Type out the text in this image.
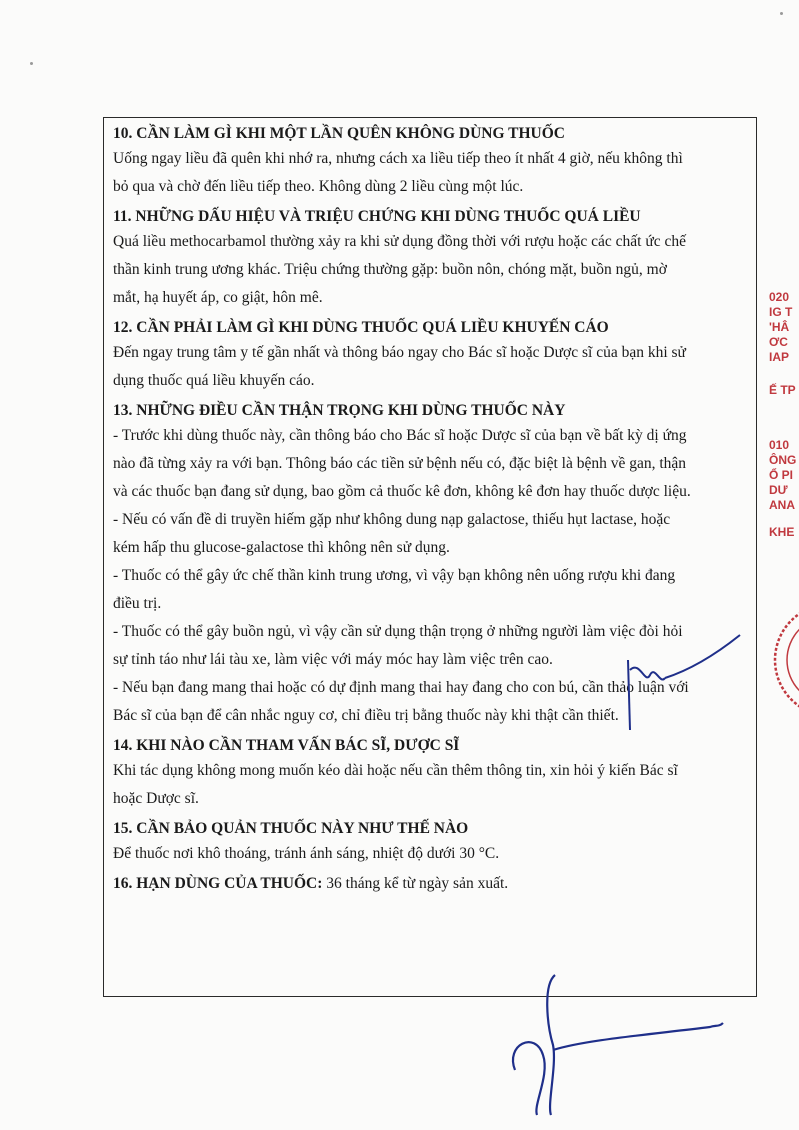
10. CẦN LÀM GÌ KHI MỘT LẦN QUÊN KHÔNG DÙNG THUỐC

Uống ngay liều đã quên khi nhớ ra, nhưng cách xa liều tiếp theo ít nhất 4 giờ, nếu không thì

bỏ qua và chờ đến liều tiếp theo. Không dùng 2 liều cùng một lúc.

11. NHỮNG DẤU HIỆU VÀ TRIỆU CHỨNG KHI DÙNG THUỐC QUÁ LIỀU

Quá liều methocarbamol thường xảy ra khi sử dụng đồng thời với rượu hoặc các chất ức chế

thần kinh trung ương khác. Triệu chứng thường gặp: buồn nôn, chóng mặt, buồn ngủ, mờ

mắt, hạ huyết áp, co giật, hôn mê.

12. CẦN PHẢI LÀM GÌ KHI DÙNG THUỐC QUÁ LIỀU KHUYẾN CÁO

Đến ngay trung tâm y tế gần nhất và thông báo ngay cho Bác sĩ hoặc Dược sĩ của bạn khi sử

dụng thuốc quá liều khuyến cáo.

13. NHỮNG ĐIỀU CẦN THẬN TRỌNG KHI DÙNG THUỐC NÀY

- Trước khi dùng thuốc này, cần thông báo cho Bác sĩ hoặc Dược sĩ của bạn về bất kỳ dị ứng

nào đã từng xảy ra với bạn. Thông báo các tiền sử bệnh nếu có, đặc biệt là bệnh về gan, thận

và các thuốc bạn đang sử dụng, bao gồm cả thuốc kê đơn, không kê đơn hay thuốc dược liệu.

- Nếu có vấn đề di truyền hiếm gặp như không dung nạp galactose, thiếu hụt lactase, hoặc

kém hấp thu glucose-galactose thì không nên sử dụng.

- Thuốc có thể gây ức chế thần kinh trung ương, vì vậy bạn không nên uống rượu khi đang

điều trị.

- Thuốc có thể gây buồn ngủ, vì vậy cần sử dụng thận trọng ở những người làm việc đòi hỏi

sự tỉnh táo như lái tàu xe, làm việc với máy móc hay làm việc trên cao.

- Nếu bạn đang mang thai hoặc có dự định mang thai hay đang cho con bú, cần thảo luận với

Bác sĩ của bạn để cân nhắc nguy cơ, chỉ điều trị bằng thuốc này khi thật cần thiết.

14. KHI NÀO CẦN THAM VẤN BÁC SĨ, DƯỢC SĨ

Khi tác dụng không mong muốn kéo dài hoặc nếu cần thêm thông tin, xin hỏi ý kiến Bác sĩ

hoặc Dược sĩ.

15. CẦN BẢO QUẢN THUỐC NÀY NHƯ THẾ NÀO

Để thuốc nơi khô thoáng, tránh ánh sáng, nhiệt độ dưới 30 °C.

16. HẠN DÙNG CỦA THUỐC: 36 tháng kể từ ngày sản xuất.

020
IG T
'HÂ
ƠC
IAP
Ế TP
010
ÔNG
Ổ PI
DƯ
ANA
KHE
